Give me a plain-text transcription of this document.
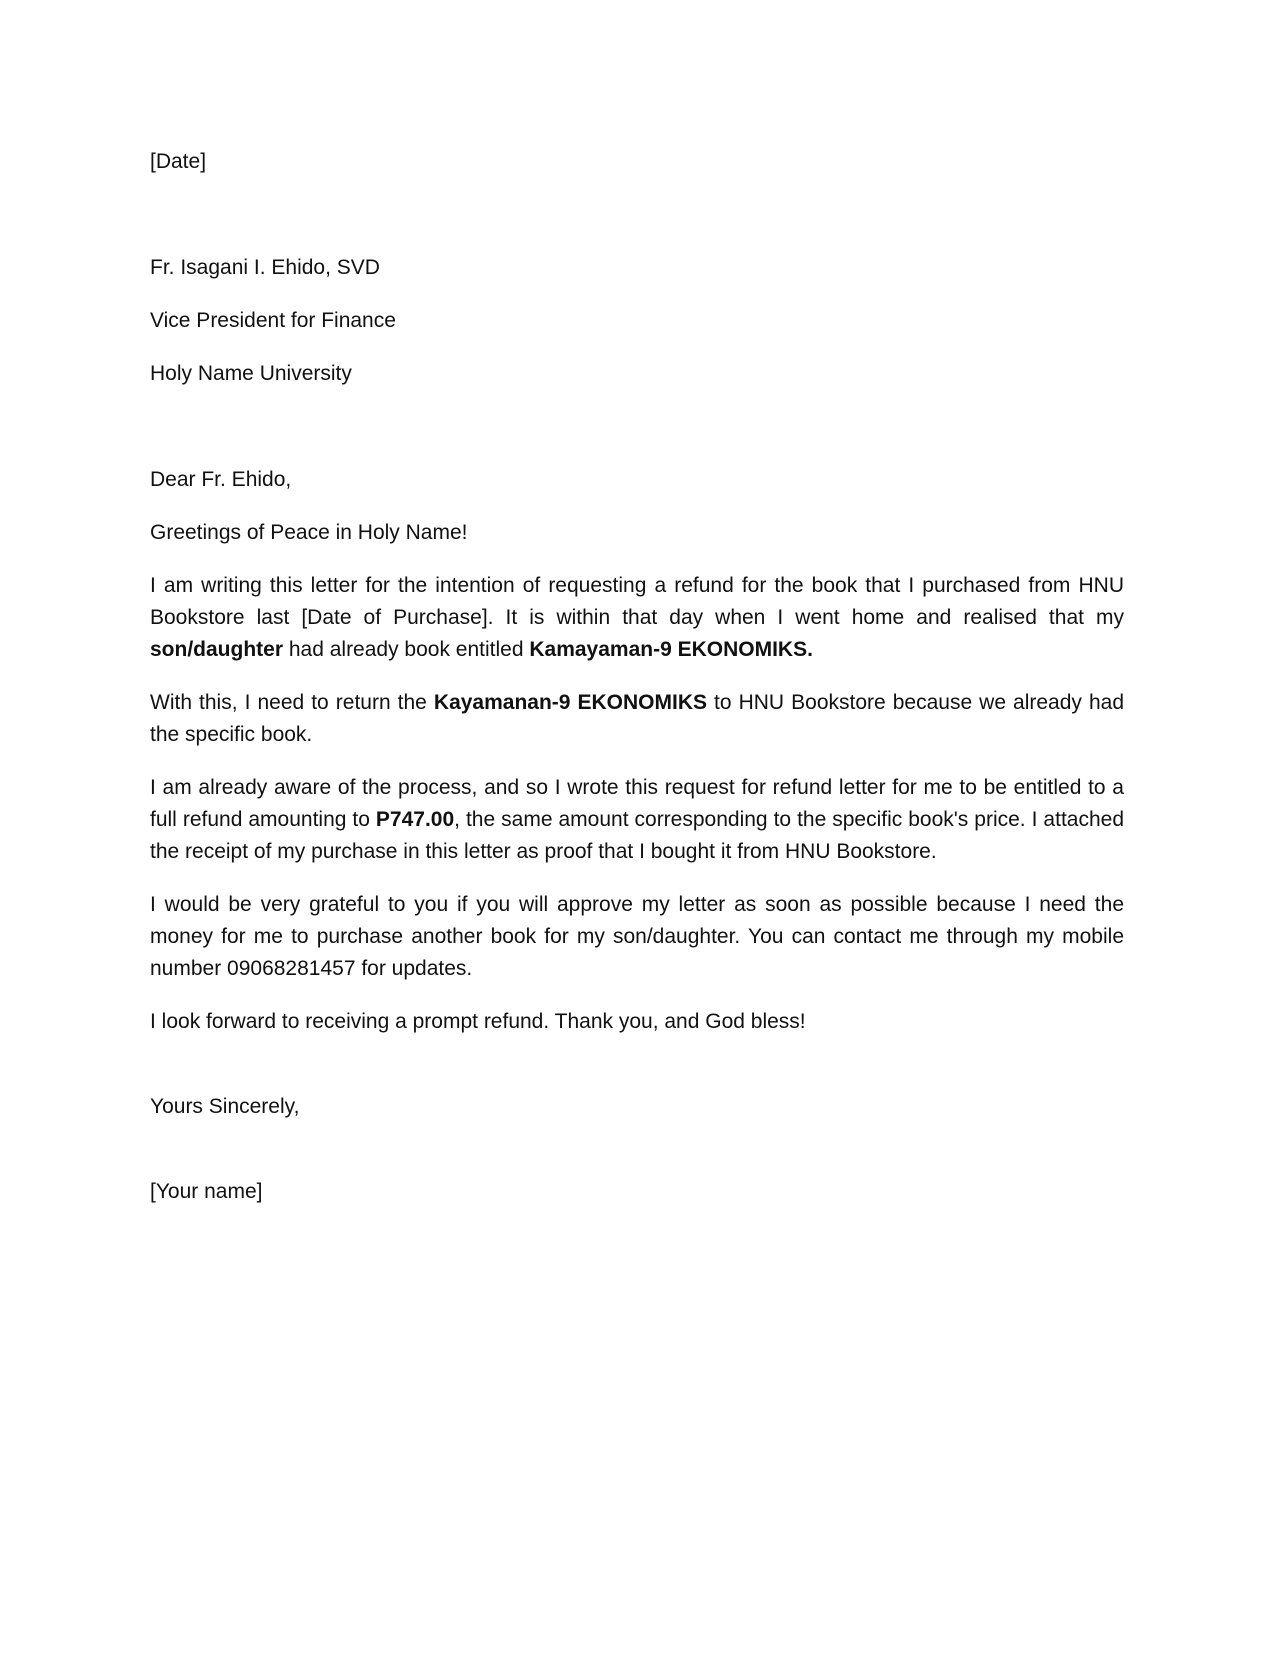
[Date]

Fr. Isagani I. Ehido, SVD

Vice President for Finance

Holy Name University

Dear Fr. Ehido,

Greetings of Peace in Holy Name!

I am writing this letter for the intention of requesting a refund for the book that I purchased from HNU Bookstore last [Date of Purchase]. It is within that day when I went home and realised that my son/daughter had already book entitled Kamayaman-9 EKONOMIKS.

With this, I need to return the Kayamanan-9 EKONOMIKS to HNU Bookstore because we already had the specific book.

I am already aware of the process, and so I wrote this request for refund letter for me to be entitled to a full refund amounting to P747.00, the same amount corresponding to the specific book's price. I attached the receipt of my purchase in this letter as proof that I bought it from HNU Bookstore.

I would be very grateful to you if you will approve my letter as soon as possible because I need the money for me to purchase another book for my son/daughter. You can contact me through my mobile number 09068281457 for updates.

I look forward to receiving a prompt refund. Thank you, and God bless!

Yours Sincerely,

[Your name]
